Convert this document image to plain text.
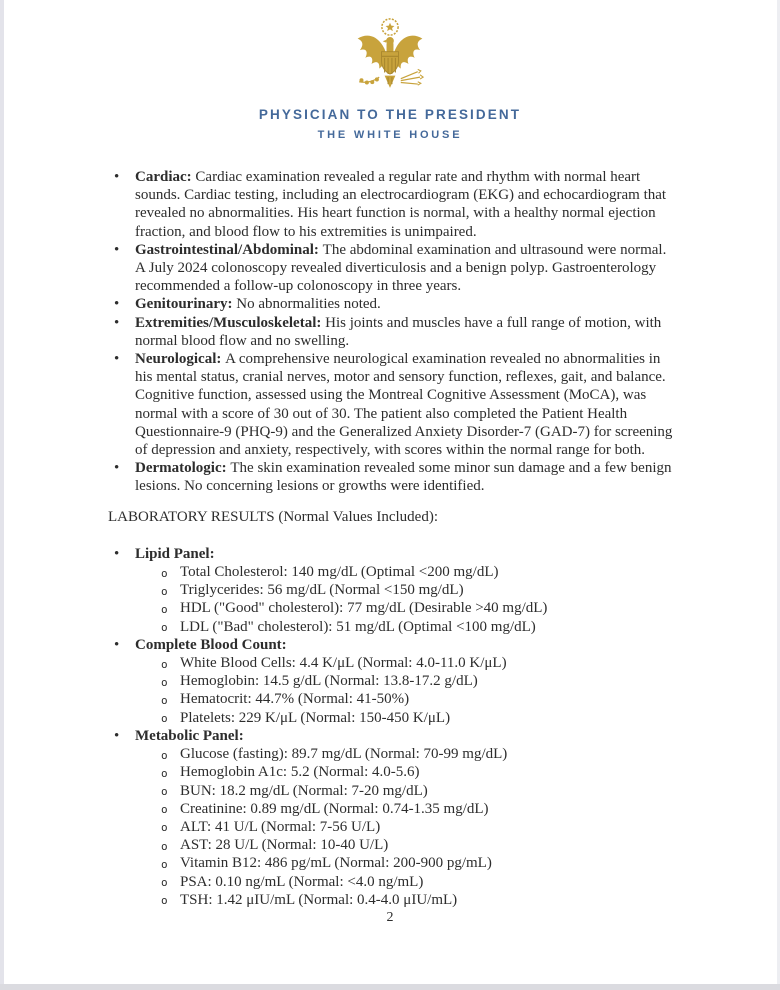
PHYSICIAN TO THE PRESIDENT
THE WHITE HOUSE
• Cardiac: Cardiac examination revealed a regular rate and rhythm with normal heart sounds. Cardiac testing, including an electrocardiogram (EKG) and echocardiogram that revealed no abnormalities. His heart function is normal, with a healthy normal ejection fraction, and blood flow to his extremities is unimpaired.
• Gastrointestinal/Abdominal: The abdominal examination and ultrasound were normal. A July 2024 colonoscopy revealed diverticulosis and a benign polyp. Gastroenterology recommended a follow-up colonoscopy in three years.
• Genitourinary: No abnormalities noted.
• Extremities/Musculoskeletal: His joints and muscles have a full range of motion, with normal blood flow and no swelling.
• Neurological: A comprehensive neurological examination revealed no abnormalities in his mental status, cranial nerves, motor and sensory function, reflexes, gait, and balance. Cognitive function, assessed using the Montreal Cognitive Assessment (MoCA), was normal with a score of 30 out of 30. The patient also completed the Patient Health Questionnaire-9 (PHQ-9) and the Generalized Anxiety Disorder-7 (GAD-7) for screening of depression and anxiety, respectively, with scores within the normal range for both.
• Dermatologic: The skin examination revealed some minor sun damage and a few benign lesions. No concerning lesions or growths were identified.
LABORATORY RESULTS (Normal Values Included):
• Lipid Panel:
o Total Cholesterol: 140 mg/dL (Optimal <200 mg/dL)
o Triglycerides: 56 mg/dL (Normal <150 mg/dL)
o HDL ("Good" cholesterol): 77 mg/dL (Desirable >40 mg/dL)
o LDL ("Bad" cholesterol): 51 mg/dL (Optimal <100 mg/dL)
• Complete Blood Count:
o White Blood Cells: 4.4 K/μL (Normal: 4.0-11.0 K/μL)
o Hemoglobin: 14.5 g/dL (Normal: 13.8-17.2 g/dL)
o Hematocrit: 44.7% (Normal: 41-50%)
o Platelets: 229 K/μL (Normal: 150-450 K/μL)
• Metabolic Panel:
o Glucose (fasting): 89.7 mg/dL (Normal: 70-99 mg/dL)
o Hemoglobin A1c: 5.2 (Normal: 4.0-5.6)
o BUN: 18.2 mg/dL (Normal: 7-20 mg/dL)
o Creatinine: 0.89 mg/dL (Normal: 0.74-1.35 mg/dL)
o ALT: 41 U/L (Normal: 7-56 U/L)
o AST: 28 U/L (Normal: 10-40 U/L)
o Vitamin B12: 486 pg/mL (Normal: 200-900 pg/mL)
o PSA: 0.10 ng/mL (Normal: <4.0 ng/mL)
o TSH: 1.42 μIU/mL (Normal: 0.4-4.0 μIU/mL)
2
